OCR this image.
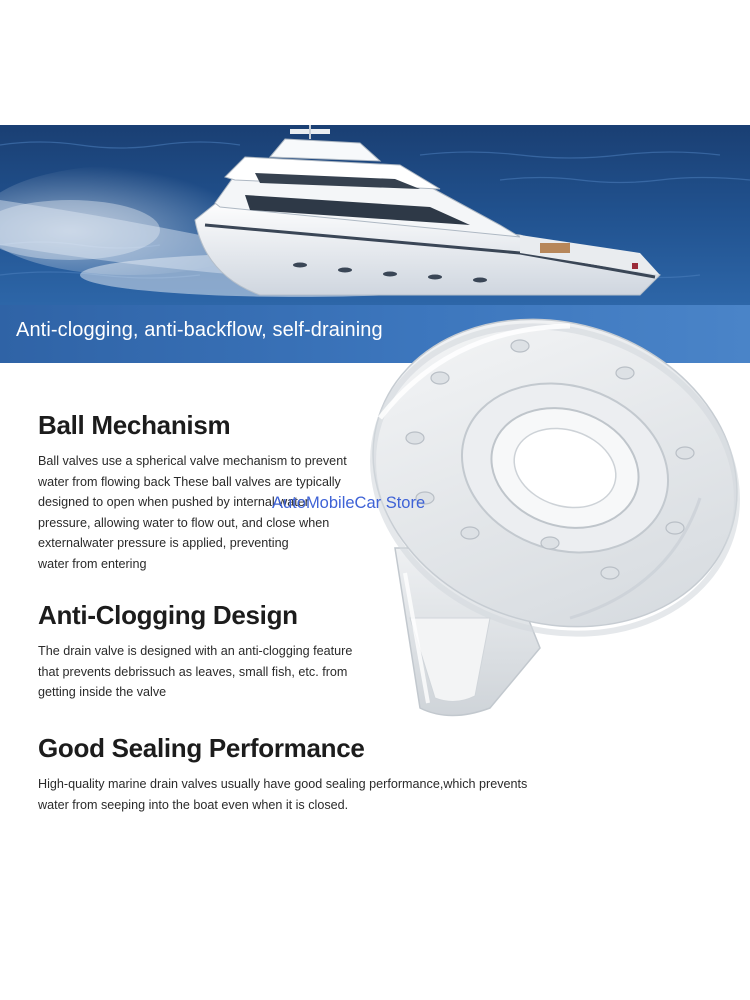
Anti-clogging, anti-backflow, self-draining
Ball Mechanism

Ball valves use a spherical valve mechanism to prevent
water from flowing back These ball valves are typically
designed to open when pushed by internal water
pressure, allowing water to flow out, and close when
externalwater pressure is applied, preventing
water from entering

Anti-Clogging Design

The drain valve is designed with an anti-clogging feature
that prevents debrissuch as leaves, small fish, etc. from
getting inside the valve

Good Sealing Performance

High-quality marine drain valves usually have good sealing performance,which prevents
water from seeping into the boat even when it is closed.

AutoMobileCar Store
